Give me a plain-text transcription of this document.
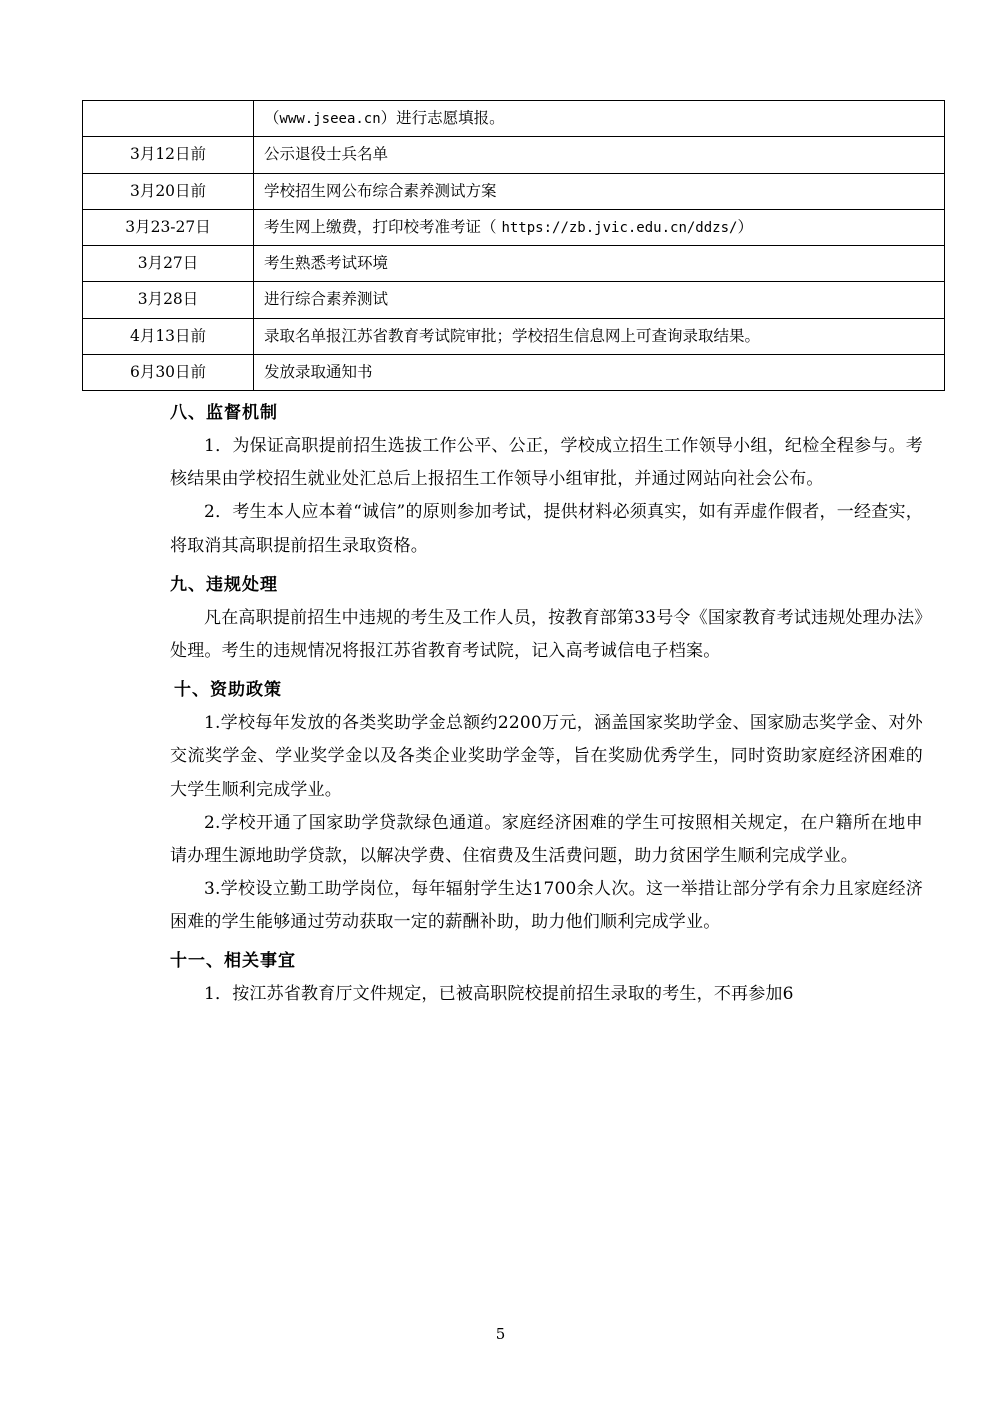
	（www.jseea.cn）进行志愿填报。
3月12日前	公示退役士兵名单
3月20日前	学校招生网公布综合素养测试方案
3月23-27日	考生网上缴费，打印校考准考证（ https://zb.jvic.edu.cn/ddzs/）
3月27日	考生熟悉考试环境
3月28日	进行综合素养测试
4月13日前	录取名单报江苏省教育考试院审批；学校招生信息网上可查询录取结果。
6月30日前	发放录取通知书
八、监督机制

1．为保证高职提前招生选拔工作公平、公正，学校成立招生工作领导小组，纪检全程参与。考核结果由学校招生就业处汇总后上报招生工作领导小组审批，并通过网站向社会公布。

2．考生本人应本着“诚信”的原则参加考试，提供材料必须真实，如有弄虚作假者，一经查实，将取消其高职提前招生录取资格。

九、违规处理

凡在高职提前招生中违规的考生及工作人员，按教育部第33号令《国家教育考试违规处理办法》处理。考生的违规情况将报江苏省教育考试院，记入高考诚信电子档案。

十、资助政策

1.学校每年发放的各类奖助学金总额约2200万元，涵盖国家奖助学金、国家励志奖学金、对外交流奖学金、学业奖学金以及各类企业奖助学金等，旨在奖励优秀学生，同时资助家庭经济困难的大学生顺利完成学业。

2.学校开通了国家助学贷款绿色通道。家庭经济困难的学生可按照相关规定，在户籍所在地申请办理生源地助学贷款，以解决学费、住宿费及生活费问题，助力贫困学生顺利完成学业。

3.学校设立勤工助学岗位，每年辐射学生达1700余人次。这一举措让部分学有余力且家庭经济困难的学生能够通过劳动获取一定的薪酬补助，助力他们顺利完成学业。

十一、相关事宜

1．按江苏省教育厅文件规定，已被高职院校提前招生录取的考生，不再参加6

5
